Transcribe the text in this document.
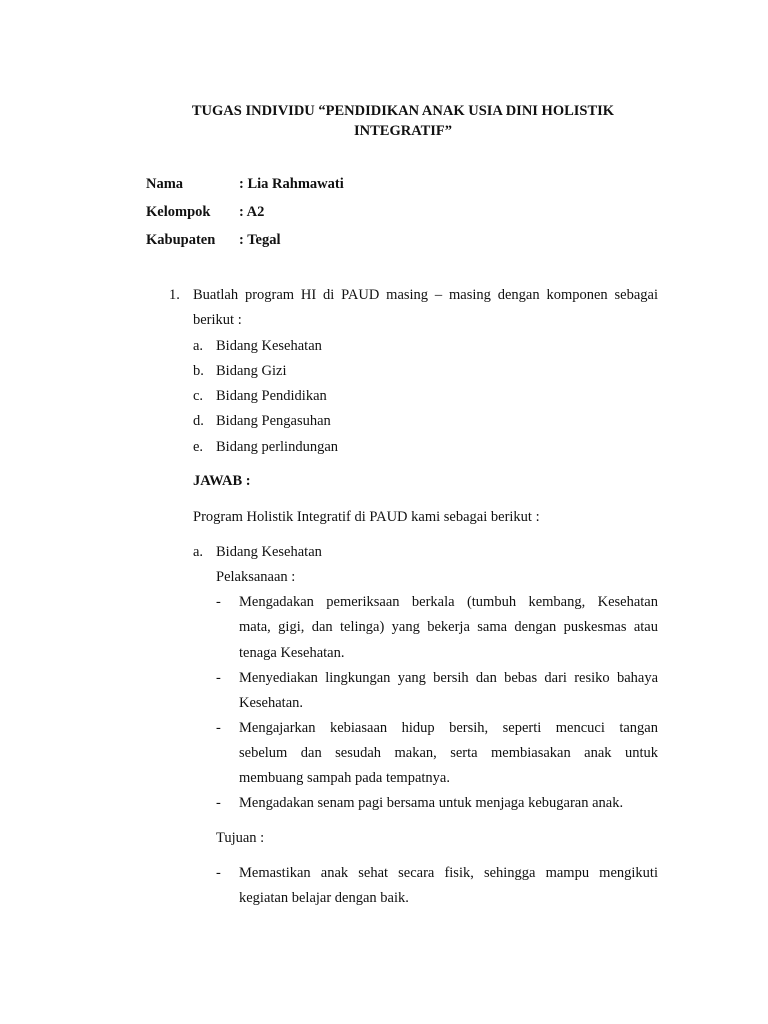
TUGAS INDIVIDU “PENDIDIKAN ANAK USIA DINI HOLISTIK
INTEGRATIF”
Nama	: Lia Rahmawati
Kelompok : A2
Kabupaten : Tegal
1. Buatlah program HI di PAUD masing – masing dengan komponen sebagai
berikut :
a. Bidang Kesehatan
b. Bidang Gizi
c. Bidang Pendidikan
d. Bidang Pengasuhan
e. Bidang perlindungan
JAWAB :
Program Holistik Integratif di PAUD kami sebagai berikut :
a. Bidang Kesehatan
Pelaksanaan :
- Mengadakan pemeriksaan berkala (tumbuh kembang, Kesehatan
mata, gigi, dan telinga) yang bekerja sama dengan puskesmas atau
tenaga Kesehatan.
- Menyediakan lingkungan yang bersih dan bebas dari resiko bahaya
Kesehatan.
- Mengajarkan kebiasaan hidup bersih, seperti mencuci tangan
sebelum dan sesudah makan, serta membiasakan anak untuk
membuang sampah pada tempatnya.
- Mengadakan senam pagi bersama untuk menjaga kebugaran anak.
Tujuan :
- Memastikan anak sehat secara fisik, sehingga mampu mengikuti
kegiatan belajar dengan baik.
